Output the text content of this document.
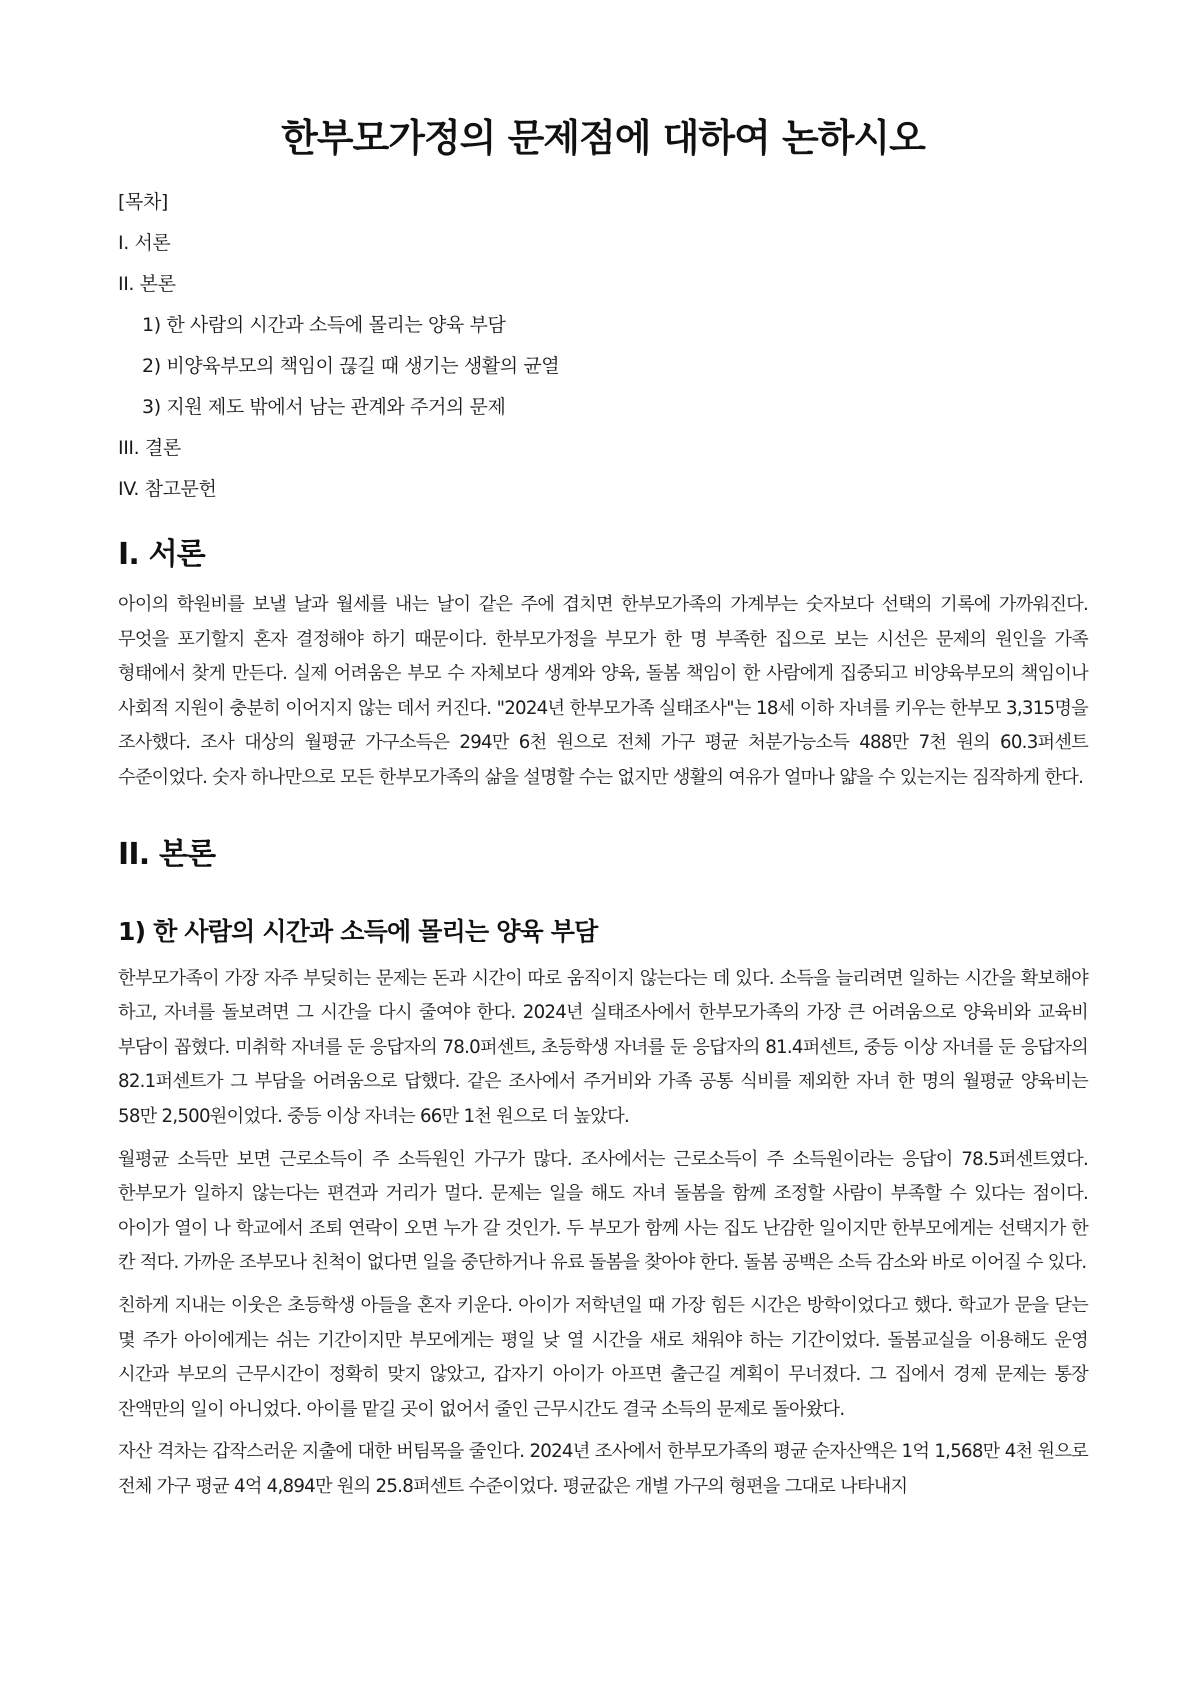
한부모가정의 문제점에 대하여 논하시오
[목차]
I. 서론
II. 본론
1) 한 사람의 시간과 소득에 몰리는 양육 부담
2) 비양육부모의 책임이 끊길 때 생기는 생활의 균열
3) 지원 제도 밖에서 남는 관계와 주거의 문제
III. 결론
IV. 참고문헌
I. 서론

아이의 학원비를 보낼 날과 월세를 내는 날이 같은 주에 겹치면 한부모가족의 가계부는 숫자보다 선택의 기록에 가까워진다. 무엇을 포기할지 혼자 결정해야 하기 때문이다. 한부모가정을 부모가 한 명 부족한 집으로 보는 시선은 문제의 원인을 가족 형태에서 찾게 만든다. 실제 어려움은 부모 수 자체보다 생계와 양육, 돌봄 책임이 한 사람에게 집중되고 비양육부모의 책임이나 사회적 지원이 충분히 이어지지 않는 데서 커진다. "2024년 한부모가족 실태조사"는 18세 이하 자녀를 키우는 한부모 3,315명을 조사했다. 조사 대상의 월평균 가구소득은 294만 6천 원으로 전체 가구 평균 처분가능소득 488만 7천 원의 60.3퍼센트 수준이었다. 숫자 하나만으로 모든 한부모가족의 삶을 설명할 수는 없지만 생활의 여유가 얼마나 얇을 수 있는지는 짐작하게 한다.

II. 본론
1) 한 사람의 시간과 소득에 몰리는 양육 부담

한부모가족이 가장 자주 부딪히는 문제는 돈과 시간이 따로 움직이지 않는다는 데 있다. 소득을 늘리려면 일하는 시간을 확보해야 하고, 자녀를 돌보려면 그 시간을 다시 줄여야 한다. 2024년 실태조사에서 한부모가족의 가장 큰 어려움으로 양육비와 교육비 부담이 꼽혔다. 미취학 자녀를 둔 응답자의 78.0퍼센트, 초등학생 자녀를 둔 응답자의 81.4퍼센트, 중등 이상 자녀를 둔 응답자의 82.1퍼센트가 그 부담을 어려움으로 답했다. 같은 조사에서 주거비와 가족 공통 식비를 제외한 자녀 한 명의 월평균 양육비는 58만 2,500원이었다. 중등 이상 자녀는 66만 1천 원으로 더 높았다.

월평균 소득만 보면 근로소득이 주 소득원인 가구가 많다. 조사에서는 근로소득이 주 소득원이라는 응답이 78.5퍼센트였다. 한부모가 일하지 않는다는 편견과 거리가 멀다. 문제는 일을 해도 자녀 돌봄을 함께 조정할 사람이 부족할 수 있다는 점이다. 아이가 열이 나 학교에서 조퇴 연락이 오면 누가 갈 것인가. 두 부모가 함께 사는 집도 난감한 일이지만 한부모에게는 선택지가 한 칸 적다. 가까운 조부모나 친척이 없다면 일을 중단하거나 유료 돌봄을 찾아야 한다. 돌봄 공백은 소득 감소와 바로 이어질 수 있다.

친하게 지내는 이웃은 초등학생 아들을 혼자 키운다. 아이가 저학년일 때 가장 힘든 시간은 방학이었다고 했다. 학교가 문을 닫는 몇 주가 아이에게는 쉬는 기간이지만 부모에게는 평일 낮 열 시간을 새로 채워야 하는 기간이었다. 돌봄교실을 이용해도 운영 시간과 부모의 근무시간이 정확히 맞지 않았고, 갑자기 아이가 아프면 출근길 계획이 무너졌다. 그 집에서 경제 문제는 통장 잔액만의 일이 아니었다. 아이를 맡길 곳이 없어서 줄인 근무시간도 결국 소득의 문제로 돌아왔다.

자산 격차는 갑작스러운 지출에 대한 버팀목을 줄인다. 2024년 조사에서 한부모가족의 평균 순자산액은 1억 1,568만 4천 원으로 전체 가구 평균 4억 4,894만 원의 25.8퍼센트 수준이었다. 평균값은 개별 가구의 형편을 그대로 나타내지
